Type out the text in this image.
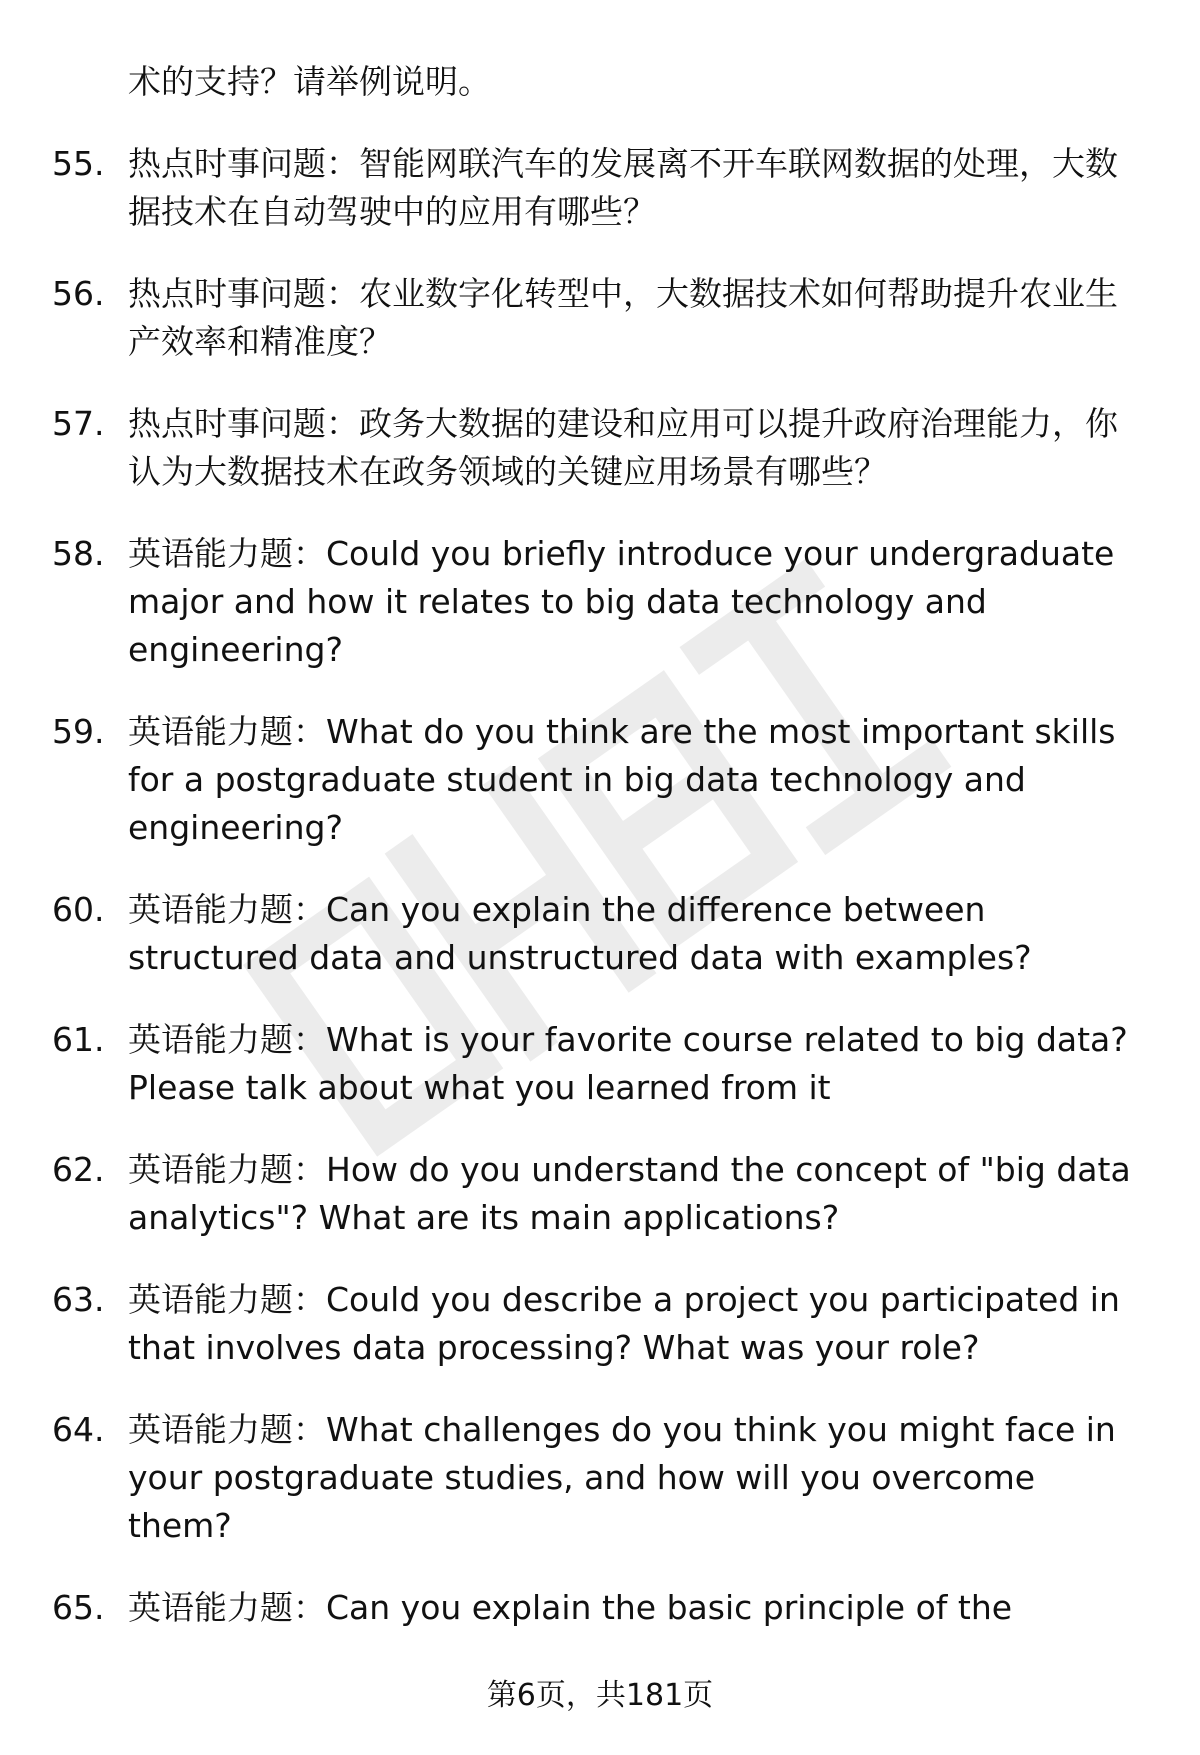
术的支持？请举例说明。
55. 热点时事问题：智能网联汽车的发展离不开车联网数据的处理，大数据技术在自动驾驶中的应用有哪些？
56. 热点时事问题：农业数字化转型中，大数据技术如何帮助提升农业生产效率和精准度？
57. 热点时事问题：政务大数据的建设和应用可以提升政府治理能力，你认为大数据技术在政务领域的关键应用场景有哪些？
58. 英语能力题：Could you briefly introduce your undergraduate major and how it relates to big data technology and engineering?
59. 英语能力题：What do you think are the most important skills for a postgraduate student in big data technology and engineering?
60. 英语能力题：Can you explain the difference between structured data and unstructured data with examples?
61. 英语能力题：What is your favorite course related to big data? Please talk about what you learned from it
62. 英语能力题：How do you understand the concept of "big data analytics"? What are its main applications?
63. 英语能力题：Could you describe a project you participated in that involves data processing? What was your role?
64. 英语能力题：What challenges do you think you might face in your postgraduate studies, and how will you overcome them?
65. 英语能力题：Can you explain the basic principle of the
第6页，共181页
